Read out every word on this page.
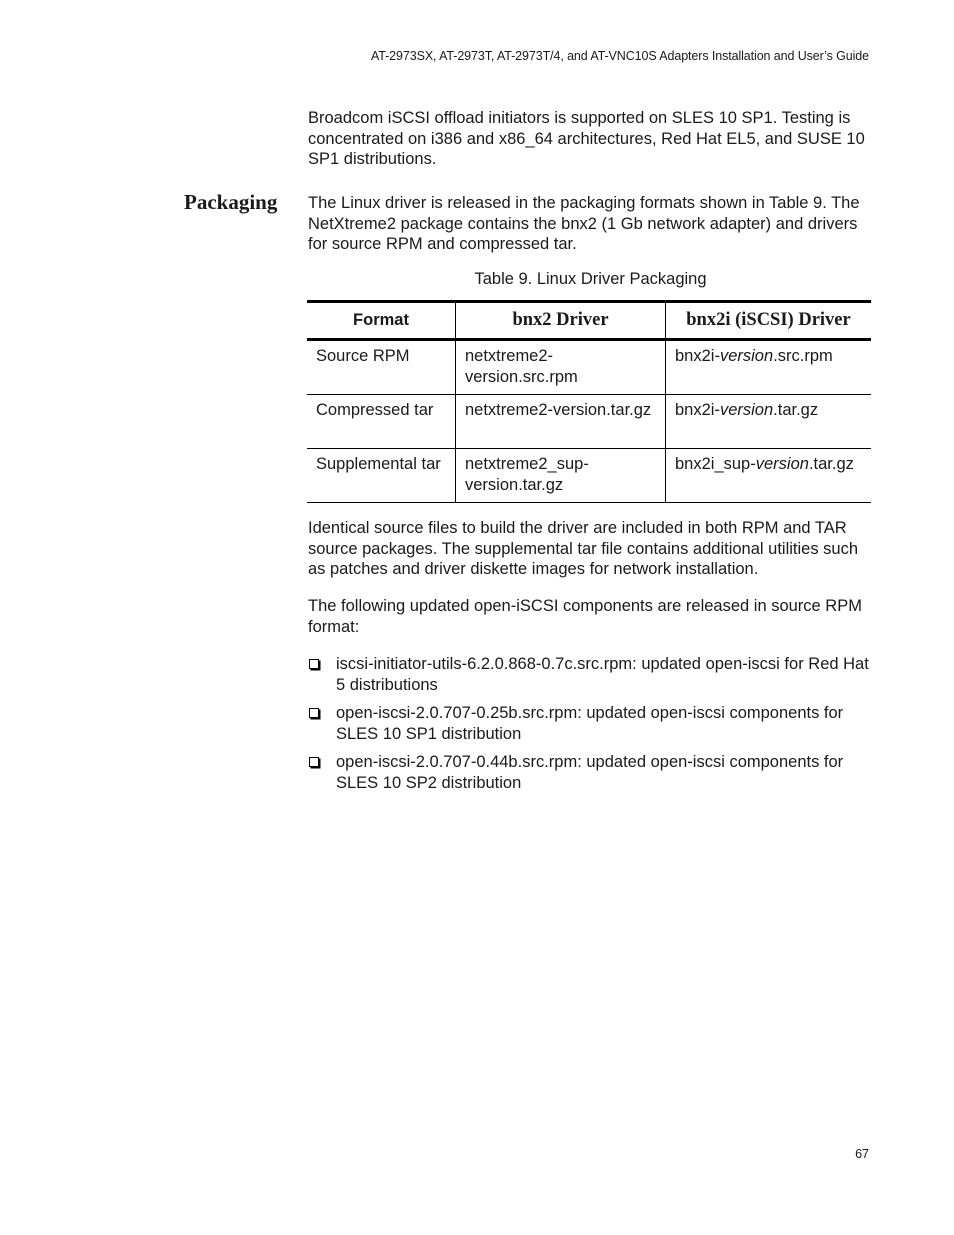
AT-2973SX, AT-2973T, AT-2973T/4, and AT-VNC10S Adapters Installation and User’s Guide

Broadcom iSCSI offload initiators is supported on SLES 10 SP1. Testing is concentrated on i386 and x86_64 architectures, Red Hat EL5, and SUSE 10 SP1 distributions.

Packaging The Linux driver is released in the packaging formats shown in Table 9. The NetXtreme2 package contains the bnx2 (1 Gb network adapter) and drivers for source RPM and compressed tar.

Table 9. Linux Driver Packaging
Format	bnx2 Driver	bnx2i (iSCSI) Driver
Source RPM	netxtreme2-version.src.rpm	bnx2i-version.src.rpm
Compressed tar	netxtreme2-version.tar.gz	bnx2i-version.tar.gz
Supplemental tar	netxtreme2_sup-version.tar.gz	bnx2i_sup-version.tar.gz

Identical source files to build the driver are included in both RPM and TAR source packages. The supplemental tar file contains additional utilities such as patches and driver diskette images for network installation.

The following updated open-iSCSI components are released in source RPM format:

iscsi-initiator-utils-6.2.0.868-0.7c.src.rpm: updated open-iscsi for Red Hat 5 distributions
open-iscsi-2.0.707-0.25b.src.rpm: updated open-iscsi components for SLES 10 SP1 distribution
open-iscsi-2.0.707-0.44b.src.rpm: updated open-iscsi components for SLES 10 SP2 distribution
67
